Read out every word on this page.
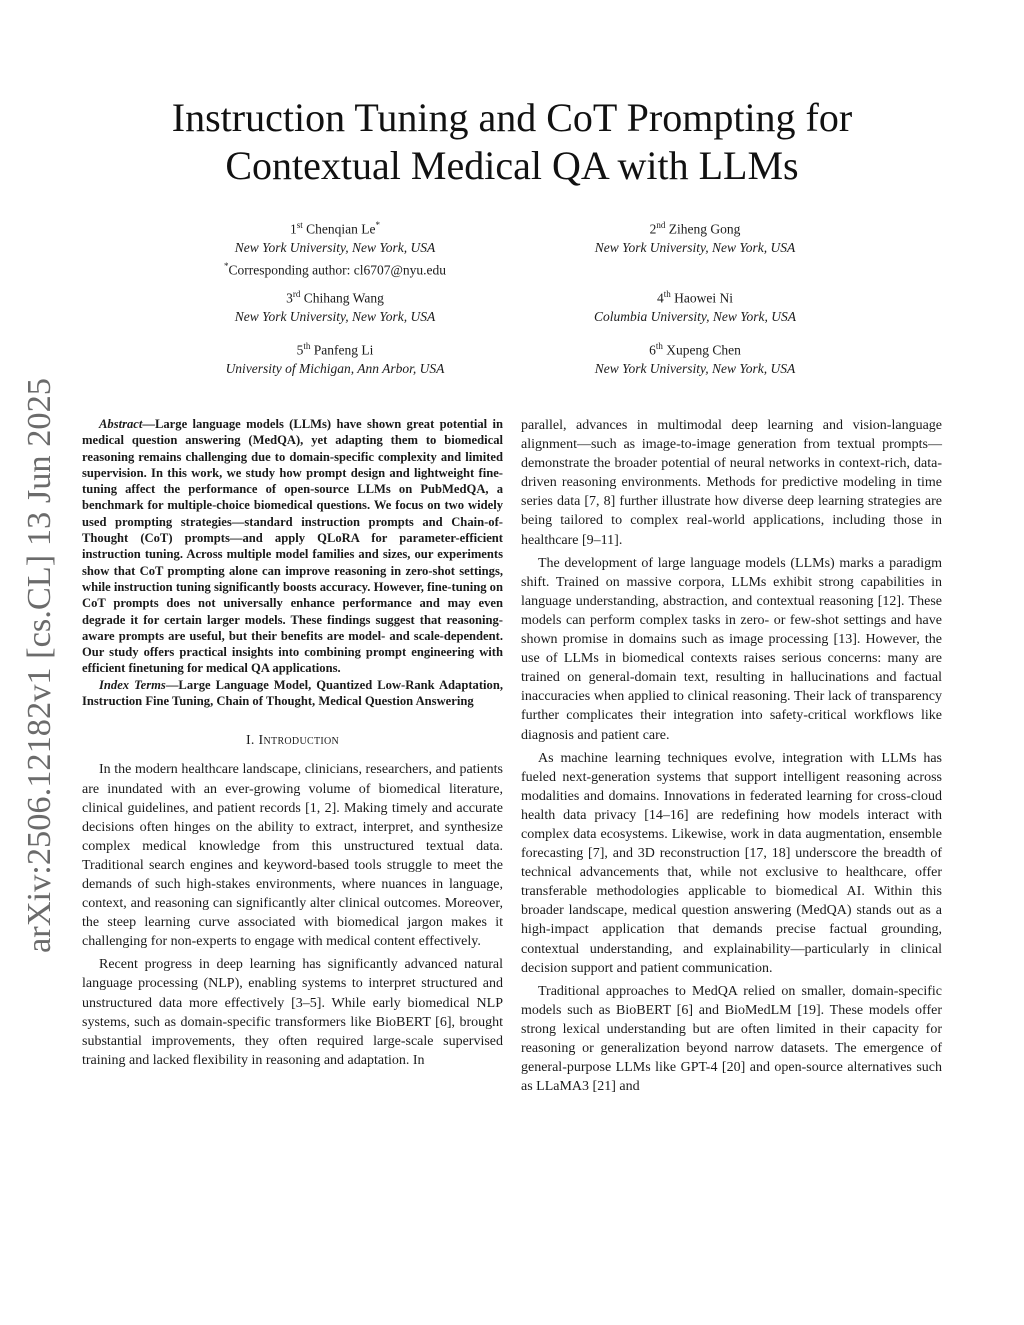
arXiv:2506.12182v1 [cs.CL] 13 Jun 2025
Instruction Tuning and CoT Prompting for
Contextual Medical QA with LLMs
1st Chenqian Le*
New York University, New York, USA
*Corresponding author: cl6707@nyu.edu
2nd Ziheng Gong
New York University, New York, USA
3rd Chihang Wang
New York University, New York, USA
4th Haowei Ni
Columbia University, New York, USA
5th Panfeng Li
University of Michigan, Ann Arbor, USA
6th Xupeng Chen
New York University, New York, USA

Abstract—Large language models (LLMs) have shown great potential in medical question answering (MedQA), yet adapting them to biomedical reasoning remains challenging due to domain-specific complexity and limited supervision. In this work, we study how prompt design and lightweight fine-tuning affect the performance of open-source LLMs on PubMedQA, a benchmark for multiple-choice biomedical questions. We focus on two widely used prompting strategies—standard instruction prompts and Chain-of-Thought (CoT) prompts—and apply QLoRA for parameter-efficient instruction tuning. Across multiple model families and sizes, our experiments show that CoT prompting alone can improve reasoning in zero-shot settings, while instruction tuning significantly boosts accuracy. However, fine-tuning on CoT prompts does not universally enhance performance and may even degrade it for certain larger models. These findings suggest that reasoning-aware prompts are useful, but their benefits are model- and scale-dependent. Our study offers practical insights into combining prompt engineering with efficient finetuning for medical QA applications.

Index Terms—Large Language Model, Quantized Low-Rank Adaptation, Instruction Fine Tuning, Chain of Thought, Medical Question Answering

I. Introduction

In the modern healthcare landscape, clinicians, researchers, and patients are inundated with an ever-growing volume of biomedical literature, clinical guidelines, and patient records [1, 2]. Making timely and accurate decisions often hinges on the ability to extract, interpret, and synthesize complex medical knowledge from this unstructured textual data. Traditional search engines and keyword-based tools struggle to meet the demands of such high-stakes environments, where nuances in language, context, and reasoning can significantly alter clinical outcomes. Moreover, the steep learning curve associated with biomedical jargon makes it challenging for non-experts to engage with medical content effectively.

Recent progress in deep learning has significantly advanced natural language processing (NLP), enabling systems to interpret structured and unstructured data more effectively [3–5]. While early biomedical NLP systems, such as domain-specific transformers like BioBERT [6], brought substantial improvements, they often required large-scale supervised training and lacked flexibility in reasoning and adaptation. In

parallel, advances in multimodal deep learning and vision-language alignment—such as image-to-image generation from textual prompts—demonstrate the broader potential of neural networks in context-rich, data-driven reasoning environments. Methods for predictive modeling in time series data [7, 8] further illustrate how diverse deep learning strategies are being tailored to complex real-world applications, including those in healthcare [9–11].

The development of large language models (LLMs) marks a paradigm shift. Trained on massive corpora, LLMs exhibit strong capabilities in language understanding, abstraction, and contextual reasoning [12]. These models can perform complex tasks in zero- or few-shot settings and have shown promise in domains such as image processing [13]. However, the use of LLMs in biomedical contexts raises serious concerns: many are trained on general-domain text, resulting in hallucinations and factual inaccuracies when applied to clinical reasoning. Their lack of transparency further complicates their integration into safety-critical workflows like diagnosis and patient care.

As machine learning techniques evolve, integration with LLMs has fueled next-generation systems that support intelligent reasoning across modalities and domains. Innovations in federated learning for cross-cloud health data privacy [14–16] are redefining how models interact with complex data ecosystems. Likewise, work in data augmentation, ensemble forecasting [7], and 3D reconstruction [17, 18] underscore the breadth of technical advancements that, while not exclusive to healthcare, offer transferable methodologies applicable to biomedical AI. Within this broader landscape, medical question answering (MedQA) stands out as a high-impact application that demands precise factual grounding, contextual understanding, and explainability—particularly in clinical decision support and patient communication.

Traditional approaches to MedQA relied on smaller, domain-specific models such as BioBERT [6] and BioMedLM [19]. These models offer strong lexical understanding but are often limited in their capacity for reasoning or generalization beyond narrow datasets. The emergence of general-purpose LLMs like GPT-4 [20] and open-source alternatives such as LLaMA3 [21] and
